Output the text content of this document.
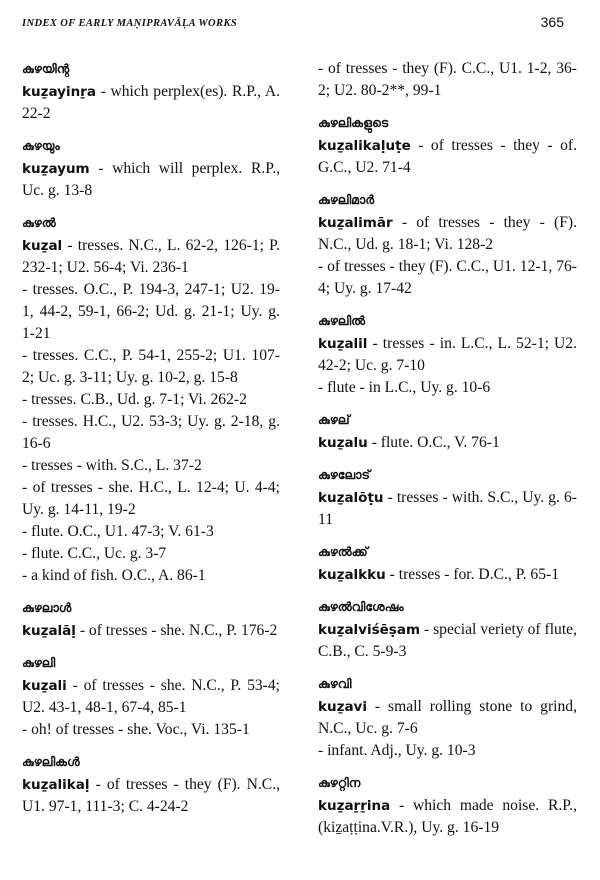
INDEX OF EARLY MAṆIPRAVĀḶA WORKS	365
കുഴയിന്റ
kuẕayinṟa - which perplex(es). R.P., A. 22-2
കുഴയും
kuẕayum - which will perplex. R.P., Uc. g. 13-8
കുഴൽ
kuẕal - tresses. N.C., L. 62-2, 126-1; P. 232-1; U2. 56-4; Vi. 236-1
- tresses. O.C., P. 194-3, 247-1; U2. 19-1, 44-2, 59-1, 66-2; Ud. g. 21-1; Uy. g. 1-21
- tresses. C.C., P. 54-1, 255-2; U1. 107-2; Uc. g. 3-11; Uy. g. 10-2, g. 15-8
- tresses. C.B., Ud. g. 7-1; Vi. 262-2
- tresses. H.C., U2. 53-3; Uy. g. 2-18, g. 16-6
- tresses - with. S.C., L. 37-2
- of tresses - she. H.C., L. 12-4; U. 4-4; Uy. g. 14-11, 19-2
- flute. O.C., U1. 47-3; V. 61-3
- flute. C.C., Uc. g. 3-7
- a kind of fish. O.C., A. 86-1
കുഴലാൾ
kuẕalāḷ - of tresses - she. N.C., P. 176-2
കുഴലി
kuẕali - of tresses - she. N.C., P. 53-4; U2. 43-1, 48-1, 67-4, 85-1
- oh! of tresses - she. Voc., Vi. 135-1
കുഴലികൾ
kuẕalikaḷ - of tresses - they (F). N.C., U1. 97-1, 111-3; C. 4-24-2
- of tresses - they (F). C.C., U1. 1-2, 36-2; U2. 80-2**, 99-1
കുഴലികളുടെ
kuẕalikaḷuṭe - of tresses - they - of. G.C., U2. 71-4
കുഴലിമാർ
kuẕalimār - of tresses - they - (F). N.C., Ud. g. 18-1; Vi. 128-2
- of tresses - they (F). C.C., U1. 12-1, 76-4; Uy. g. 17-42
കുഴലിൽ
kuẕalil - tresses - in. L.C., L. 52-1; U2. 42-2; Uc. g. 7-10
- flute - in L.C., Uy. g. 10-6
കുഴല്
kuẕalu - flute. O.C., V. 76-1
കുഴലോട്
kuẕalōṭu - tresses - with. S.C., Uy. g. 6-11
കുഴൽക്ക്
kuẕalkku - tresses - for. D.C., P. 65-1
കുഴൽവിശേഷം
kuẕalviśēṣam - special veriety of flute, C.B., C. 5-9-3
കുഴവി
kuẕavi - small rolling stone to grind, N.C., Uc. g. 7-6
- infant. Adj., Uy. g. 10-3
കുഴറ്റിന
kuẕaṟṟina - which made noise. R.P., (kiẕaṭṭina.V.R.), Uy. g. 16-19
